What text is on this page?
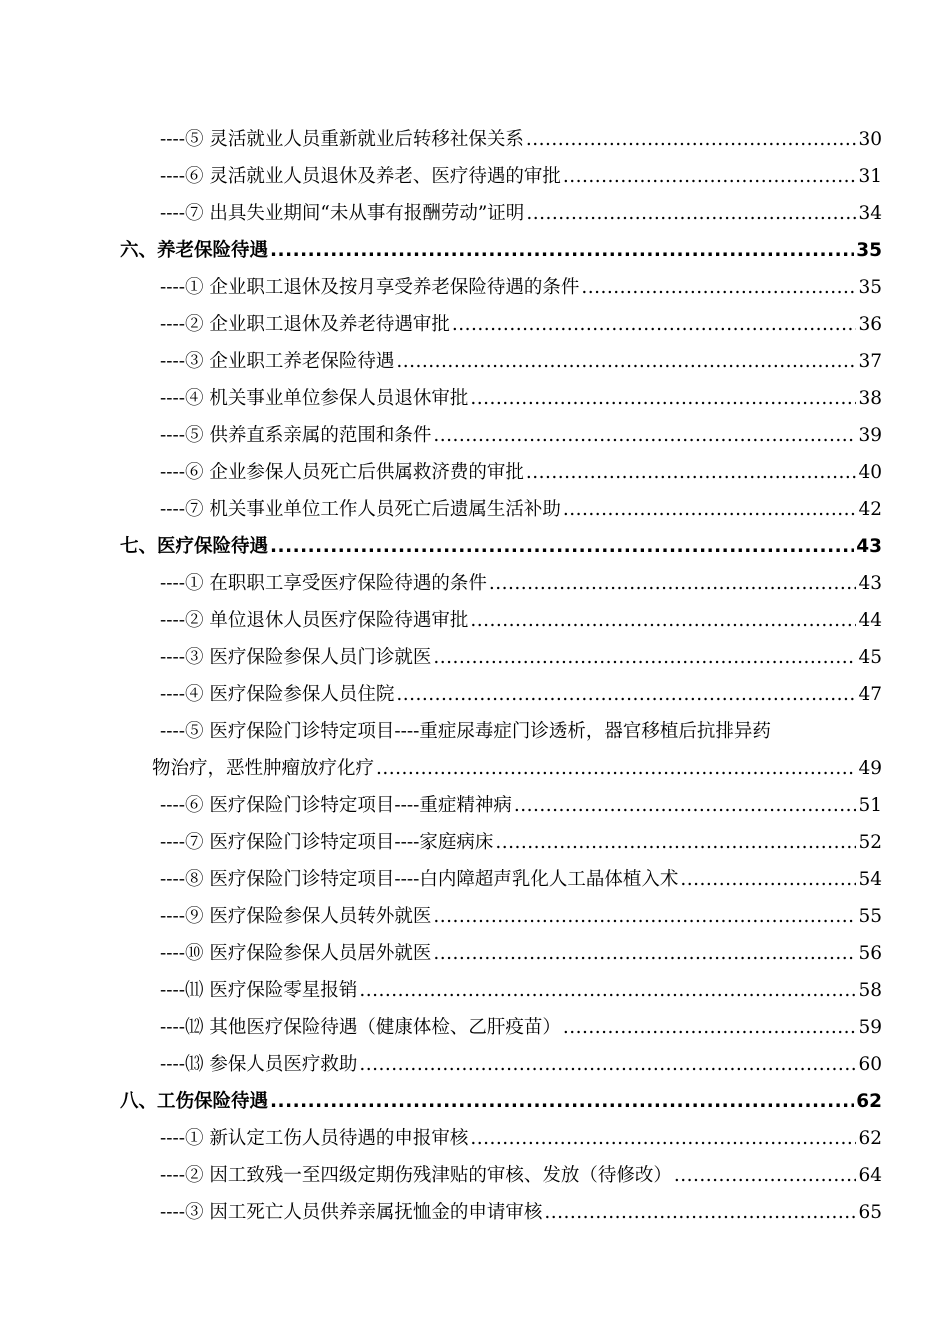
----⑤ 灵活就业人员重新就业后转移社保关系 .....	30
----⑥ 灵活就业人员退休及养老、医疗待遇的审批 .....	31
----⑦ 出具失业期间“未从事有报酬劳动”证明 .....	34
六、养老保险待遇 .....	35
----① 企业职工退休及按月享受养老保险待遇的条件 .....	35
----② 企业职工退休及养老待遇审批 .....	36
----③ 企业职工养老保险待遇 .....	37
----④ 机关事业单位参保人员退休审批 .....	38
----⑤ 供养直系亲属的范围和条件 .....	39
----⑥ 企业参保人员死亡后供属救济费的审批 .....	40
----⑦ 机关事业单位工作人员死亡后遗属生活补助 .....	42
七、医疗保险待遇 .....	43
----① 在职职工享受医疗保险待遇的条件 .....	43
----② 单位退休人员医疗保险待遇审批 .....	44
----③ 医疗保险参保人员门诊就医 .....	45
----④ 医疗保险参保人员住院 .....	47
----⑤ 医疗保险门诊特定项目----重症尿毒症门诊透析，器官移植后抗排异药
物治疗，恶性肿瘤放疗化疗 .....	49
----⑥ 医疗保险门诊特定项目----重症精神病 .....	51
----⑦ 医疗保险门诊特定项目----家庭病床 .....	52
----⑧ 医疗保险门诊特定项目----白内障超声乳化人工晶体植入术 .....	54
----⑨ 医疗保险参保人员转外就医 .....	55
----⑩ 医疗保险参保人员居外就医 .....	56
----⑾ 医疗保险零星报销 .....	58
----⑿ 其他医疗保险待遇（健康体检、乙肝疫苗） .....	59
----⒀ 参保人员医疗救助 .....	60
八、工伤保险待遇 .....	62
----① 新认定工伤人员待遇的申报审核 .....	62
----② 因工致残一至四级定期伤残津贴的审核、发放（待修改） .....	64
----③ 因工死亡人员供养亲属抚恤金的申请审核 .....	65
